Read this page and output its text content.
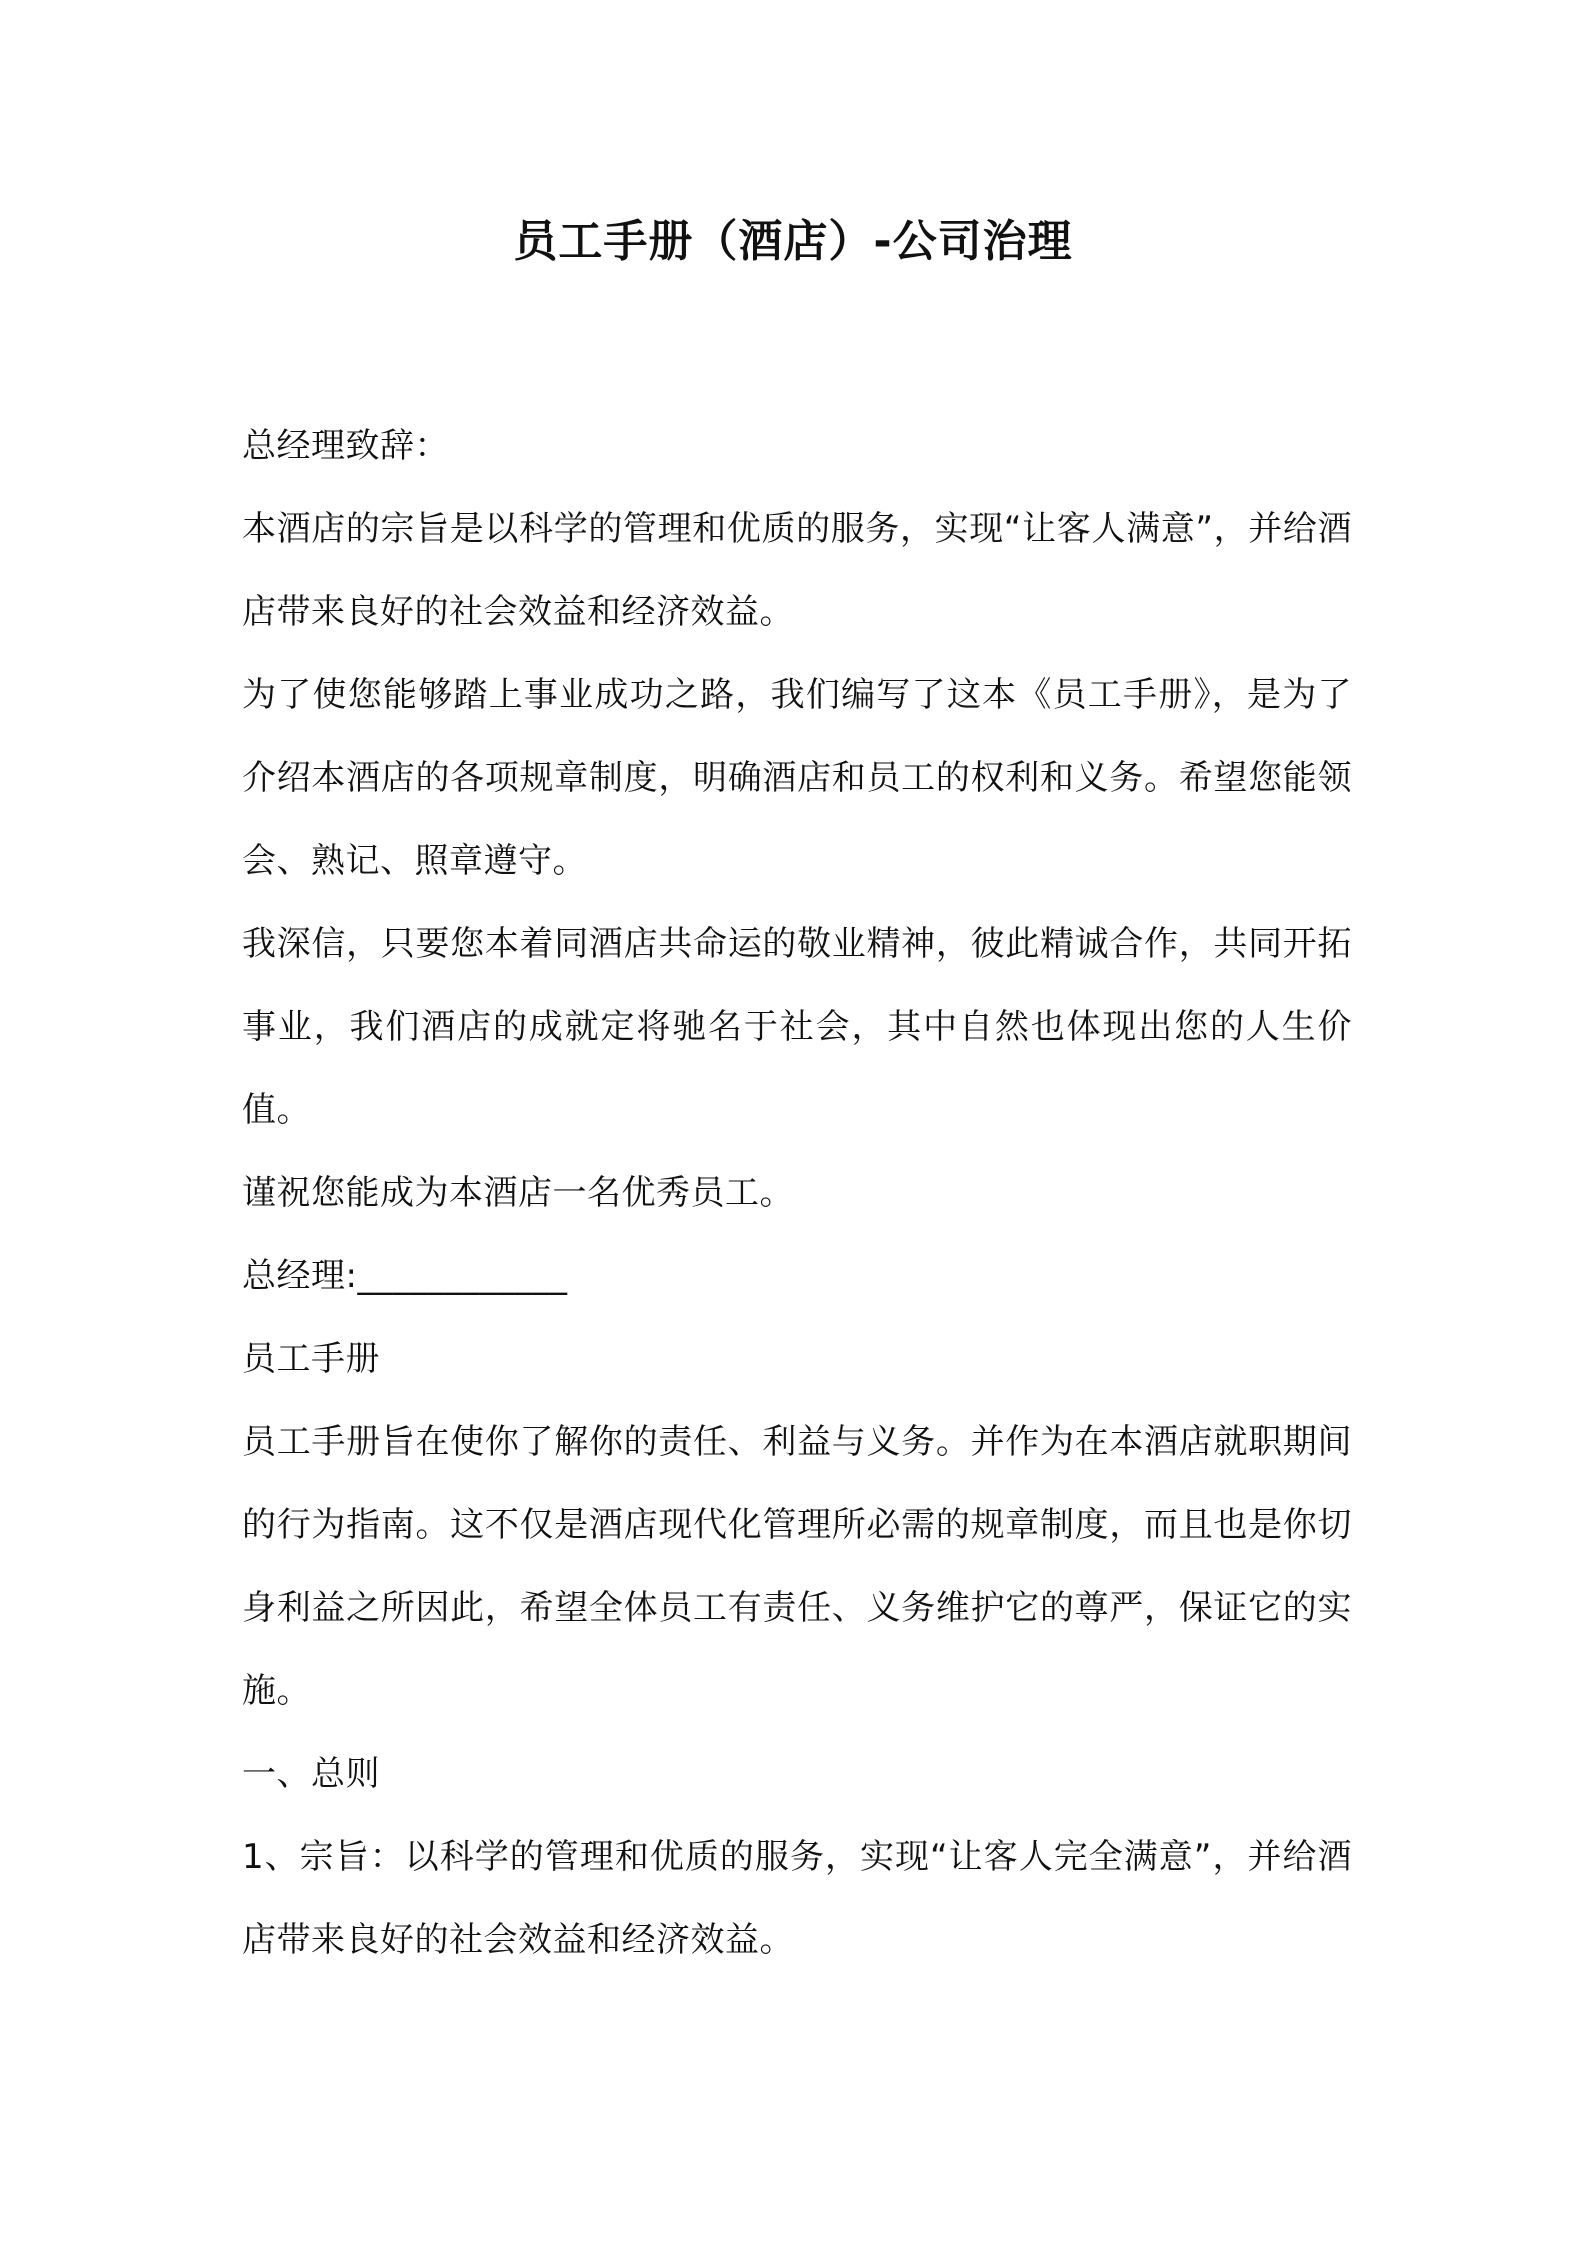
员工手册（酒店）-公司治理

总经理致辞：

本酒店的宗旨是以科学的管理和优质的服务，实现“让客人满意”，并给酒店带来良好的社会效益和经济效益。

为了使您能够踏上事业成功之路，我们编写了这本《员工手册》，是为了介绍本酒店的各项规章制度，明确酒店和员工的权利和义务。希望您能领会、熟记、照章遵守。

我深信，只要您本着同酒店共命运的敬业精神，彼此精诚合作，共同开拓事业，我们酒店的成就定将驰名于社会，其中自然也体现出您的人生价值。

谨祝您能成为本酒店一名优秀员工。

总经理:____________

员工手册

员工手册旨在使你了解你的责任、利益与义务。并作为在本酒店就职期间的行为指南。这不仅是酒店现代化管理所必需的规章制度，而且也是你切身利益之所因此，希望全体员工有责任、义务维护它的尊严，保证它的实施。

一、总则

1、宗旨：以科学的管理和优质的服务，实现“让客人完全满意”，并给酒店带来良好的社会效益和经济效益。
